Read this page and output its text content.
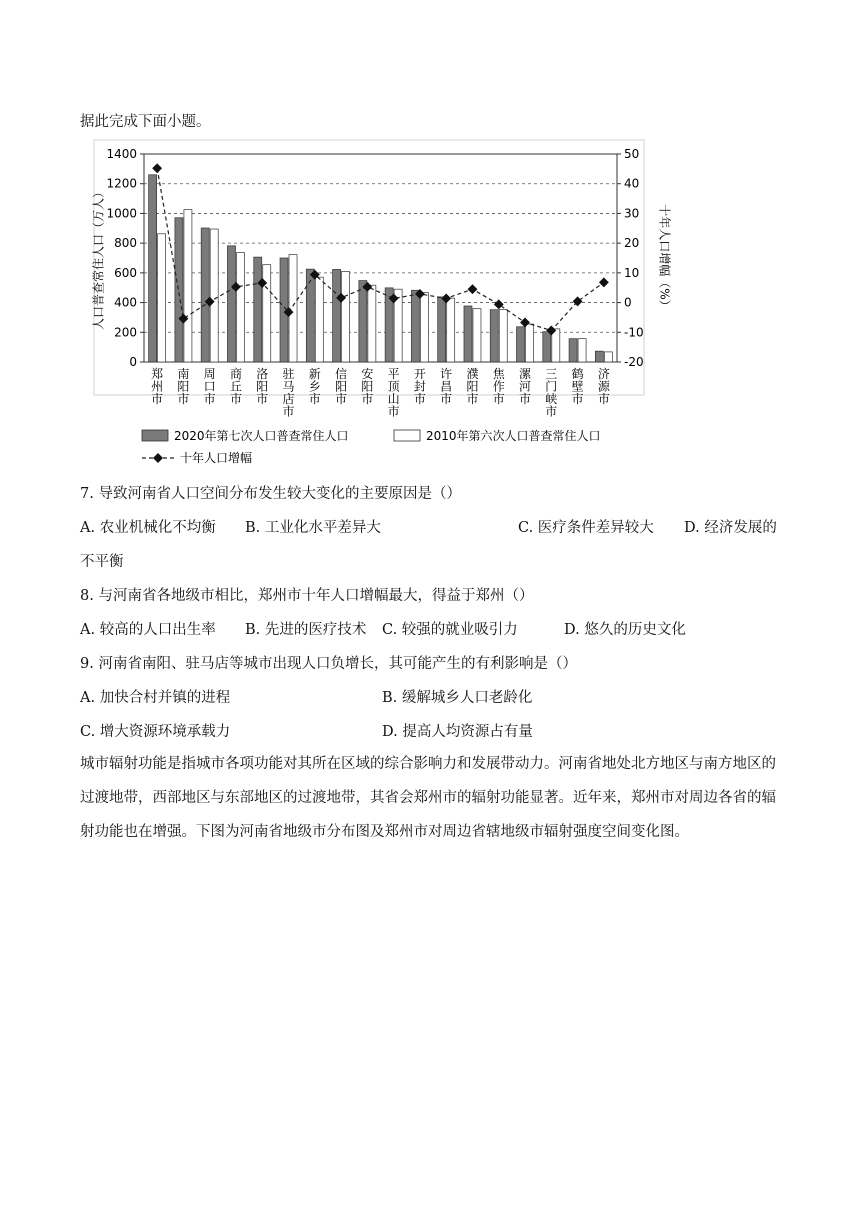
据此完成下面小题。
0
200
400
600
800
1000
1200
1400
-20
-10
0
10
20
30
40
50
郑州市
南阳市
周口市
商丘市
洛阳市
驻马店市
新乡市
信阳市
安阳市
平顶山市
开封市
许昌市
濮阳市
焦作市
漯河市
三门峡市
鹤壁市
济源市
人口普查常住人口（万人）	十年人口增幅（%）
2020年第七次人口普查常住人口	2010年第六次人口普查常住人口
十年人口增幅
7. 导致河南省人口空间分布发生较大变化的主要原因是（）
A. 农业机械化不均衡 B. 工业化水平差异大	C. 医疗条件差异较大 D. 经济发展的
不平衡
8. 与河南省各地级市相比，郑州市十年人口增幅最大，得益于郑州（）
A. 较高的人口出生率 B. 先进的医疗技术 C. 较强的就业吸引力	D. 悠久的历史文化
9. 河南省南阳、驻马店等城市出现人口负增长，其可能产生的有利影响是（）
A. 加快合村并镇的进程	B. 缓解城乡人口老龄化
C. 增大资源环境承载力	D. 提高人均资源占有量
城市辐射功能是指城市各项功能对其所在区域的综合影响力和发展带动力。河南省地处北方地区与南方地区的过渡地带，西部地区与东部地区的过渡地带，其省会郑州市的辐射功能显著。近年来，郑州市对周边各省的辐射功能也在增强。下图为河南省地级市分布图及郑州市对周边省辖地级市辐射强度空间变化图。
